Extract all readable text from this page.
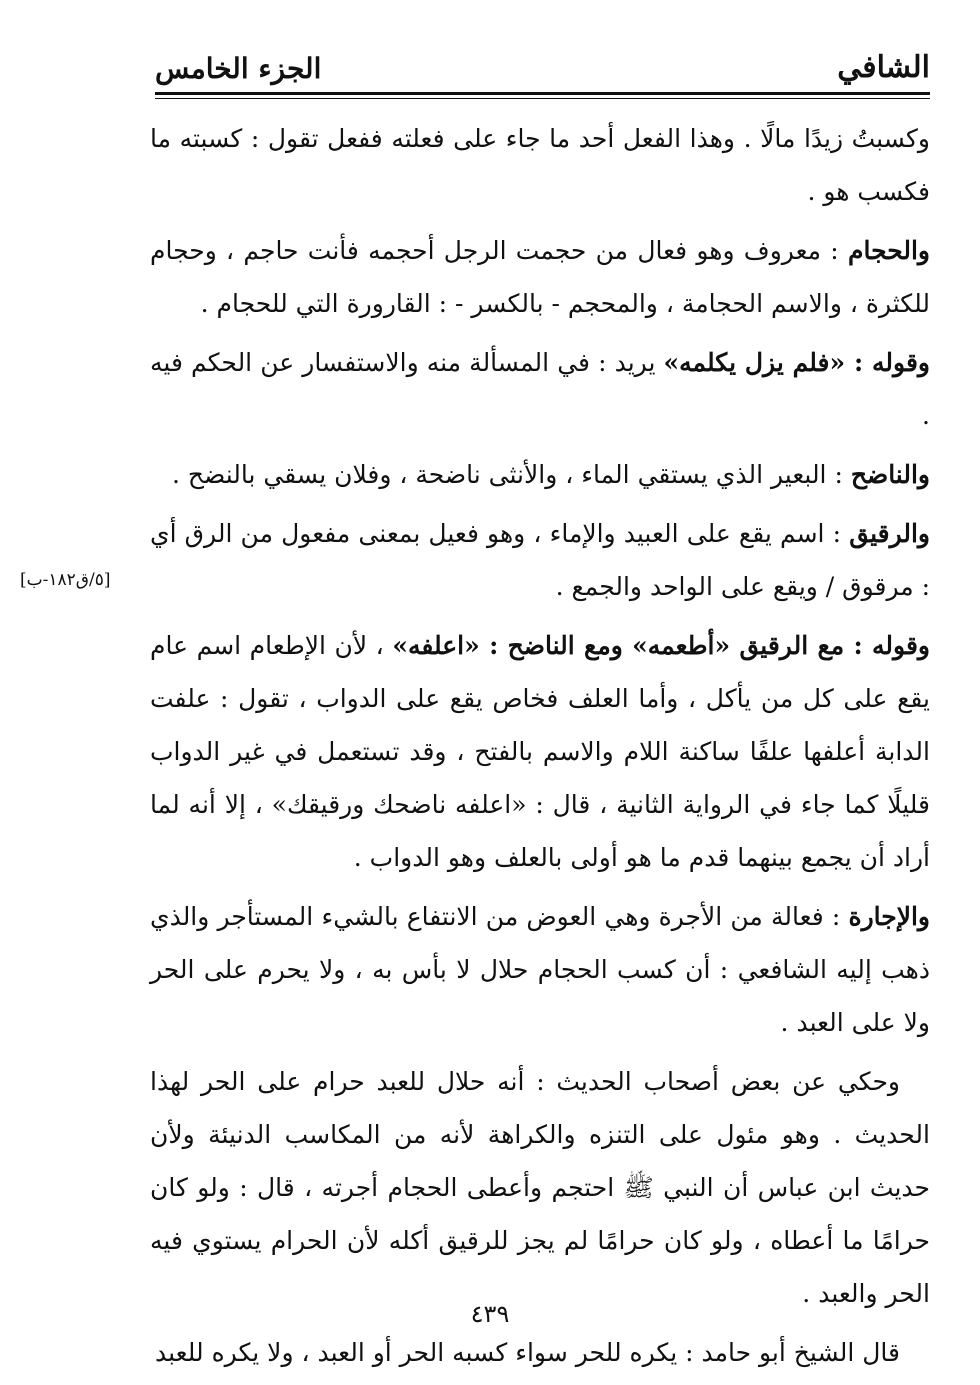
الشافي
الجزء الخامس
[٥/ق١٨٢-ب]

وكسبتُ زيدًا مالًا . وهذا الفعل أحد ما جاء على فعلته ففعل تقول : كسبته ما فكسب هو .

والحجام : معروف وهو فعال من حجمت الرجل أحجمه فأنت حاجم ، وحجام للكثرة ، والاسم الحجامة ، والمحجم - بالكسر - : القارورة التي للحجام .

وقوله : «فلم يزل يكلمه» يريد : في المسألة منه والاستفسار عن الحكم فيه .

والناضح : البعير الذي يستقي الماء ، والأنثى ناضحة ، وفلان يسقي بالنضح .

والرقيق : اسم يقع على العبيد والإماء ، وهو فعيل بمعنى مفعول من الرق أي : مرقوق / ويقع على الواحد والجمع .

وقوله : مع الرقيق «أطعمه» ومع الناضح : «اعلفه» ، لأن الإطعام اسم عام يقع على كل من يأكل ، وأما العلف فخاص يقع على الدواب ، تقول : علفت الدابة أعلفها علفًا ساكنة اللام والاسم بالفتح ، وقد تستعمل في غير الدواب قليلًا كما جاء في الرواية الثانية ، قال : «اعلفه ناضحك ورقيقك» ، إلا أنه لما أراد أن يجمع بينهما قدم ما هو أولى بالعلف وهو الدواب .

والإجارة : فعالة من الأجرة وهي العوض من الانتفاع بالشيء المستأجر والذي ذهب إليه الشافعي : أن كسب الحجام حلال لا بأس به ، ولا يحرم على الحر ولا على العبد .

وحكي عن بعض أصحاب الحديث : أنه حلال للعبد حرام على الحر لهذا الحديث . وهو مئول على التنزه والكراهة لأنه من المكاسب الدنيئة ولأن حديث ابن عباس أن النبي ﷺ احتجم وأعطى الحجام أجرته ، قال : ولو كان حرامًا ما أعطاه ، ولو كان حرامًا لم يجز للرقيق أكله لأن الحرام يستوي فيه الحر والعبد .

قال الشيخ أبو حامد : يكره للحر سواء كسبه الحر أو العبد ، ولا يكره للعبد

٤٣٩
